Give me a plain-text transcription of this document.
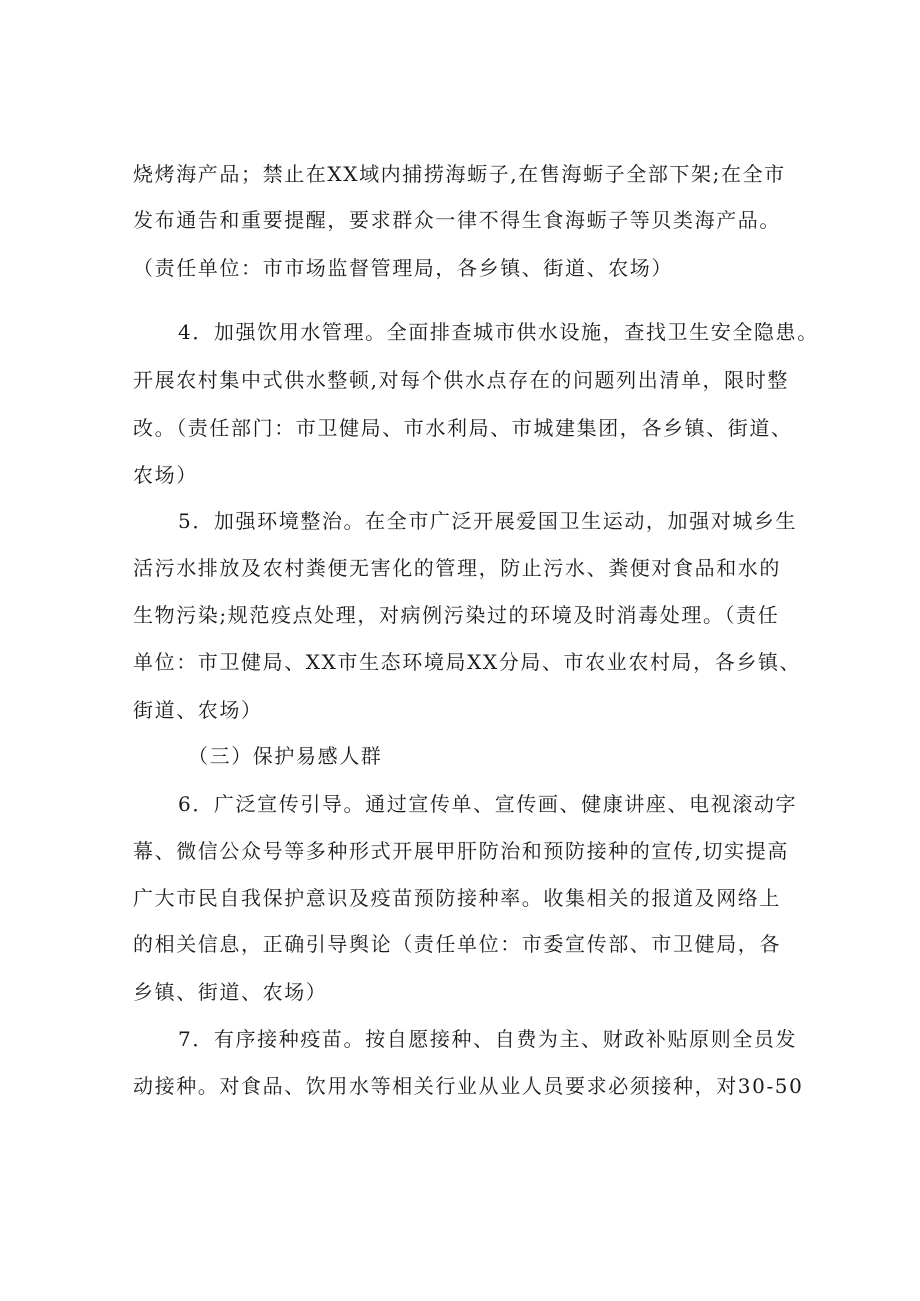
烧烤海产品；禁止在XX域内捕捞海蛎子,在售海蛎子全部下架;在全市
发布通告和重要提醒，要求群众一律不得生食海蛎子等贝类海产品。
（责任单位：市市场监督管理局，各乡镇、街道、农场）
4．加强饮用水管理。全面排查城市供水设施，查找卫生安全隐患。
开展农村集中式供水整顿,对每个供水点存在的问题列出清单，限时整
改。（责任部门：市卫健局、市水利局、市城建集团，各乡镇、街道、
农场）
5．加强环境整治。在全市广泛开展爱国卫生运动，加强对城乡生
活污水排放及农村粪便无害化的管理，防止污水、粪便对食品和水的
生物污染;规范疫点处理，对病例污染过的环境及时消毒处理。（责任
单位：市卫健局、XX市生态环境局XX分局、市农业农村局，各乡镇、
街道、农场）
（三）保护易感人群
6．广泛宣传引导。通过宣传单、宣传画、健康讲座、电视滚动字
幕、微信公众号等多种形式开展甲肝防治和预防接种的宣传,切实提高
广大市民自我保护意识及疫苗预防接种率。收集相关的报道及网络上
的相关信息，正确引导舆论（责任单位：市委宣传部、市卫健局，各
乡镇、街道、农场）
7．有序接种疫苗。按自愿接种、自费为主、财政补贴原则全员发
动接种。对食品、饮用水等相关行业从业人员要求必须接种，对30-50
